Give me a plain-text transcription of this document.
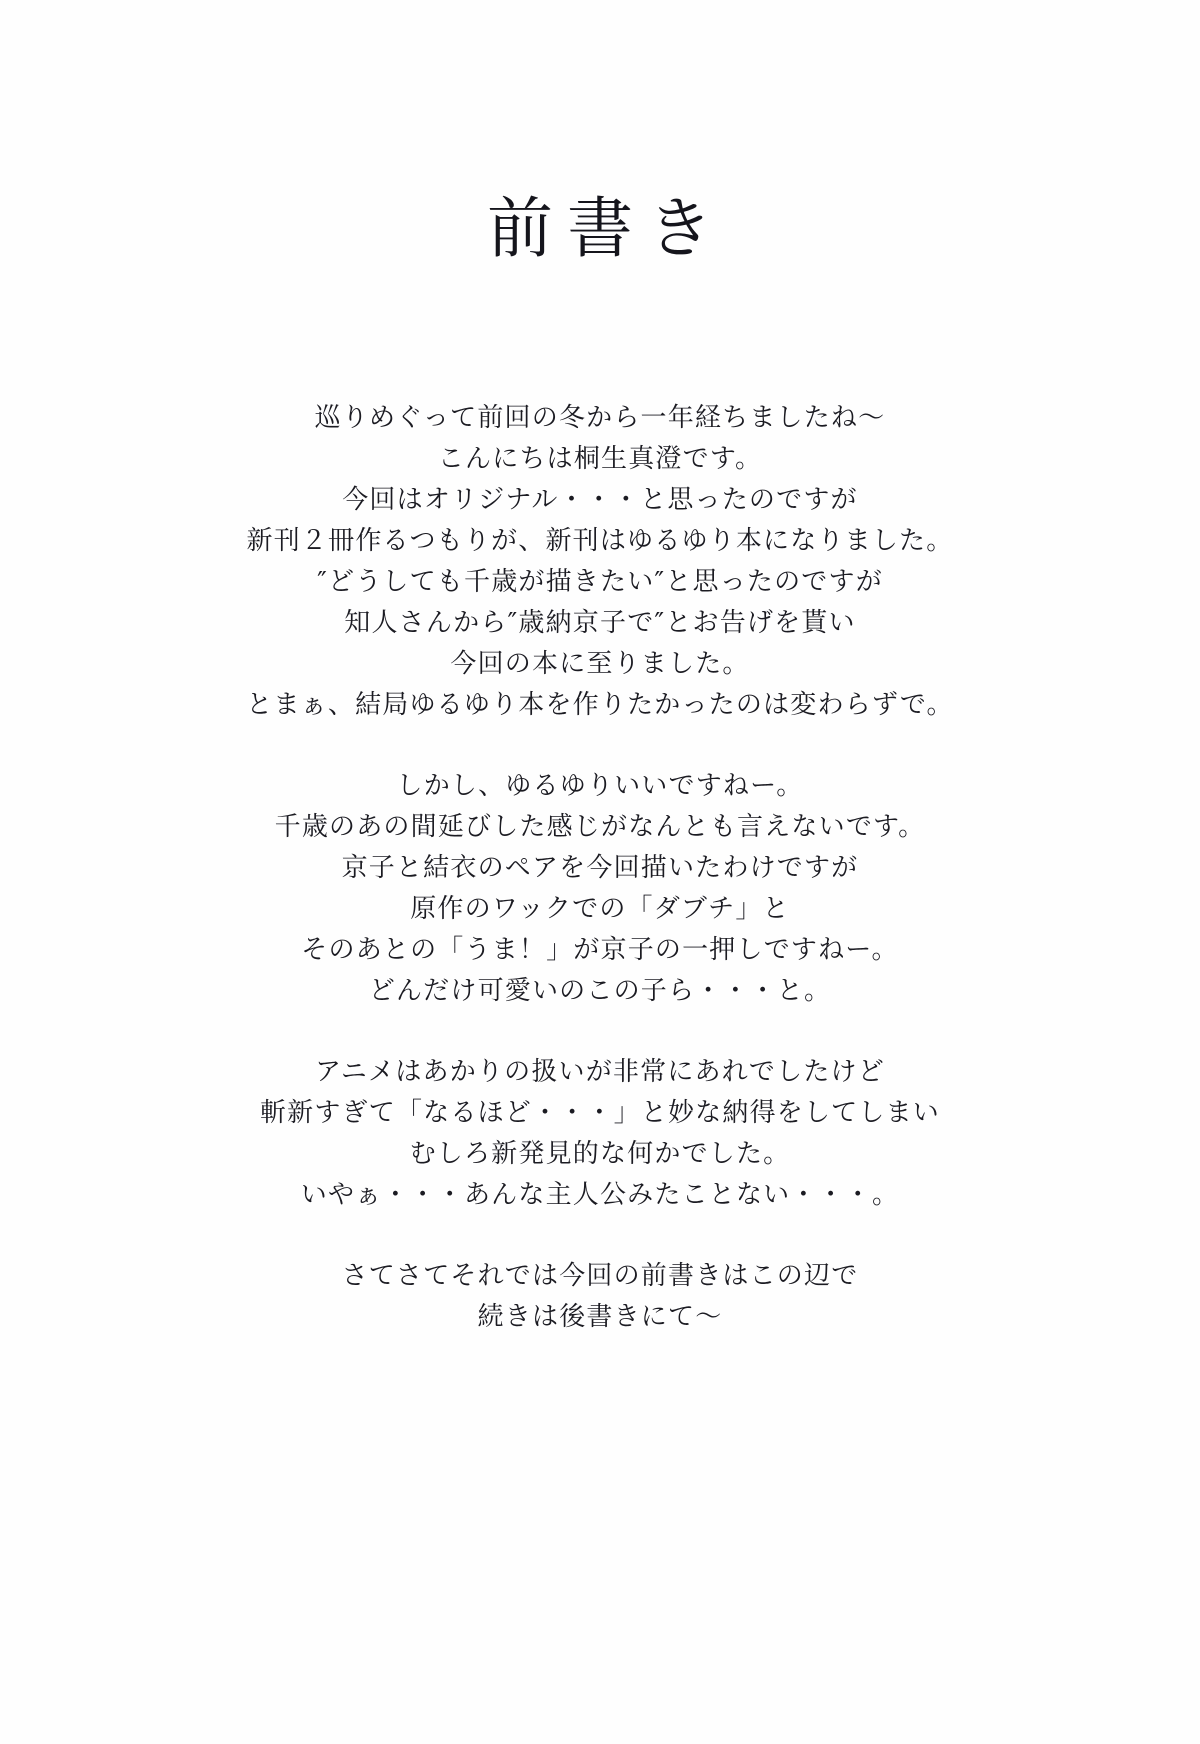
前書き
巡りめぐって前回の冬から一年経ちましたね〜
こんにちは桐生真澄です。
今回はオリジナル・・・と思ったのですが
新刊２冊作るつもりが、新刊はゆるゆり本になりました。
″どうしても千歳が描きたい″と思ったのですが
知人さんから″歳納京子で″とお告げを貰い
今回の本に至りました。
とまぁ、結局ゆるゆり本を作りたかったのは変わらずで。
しかし、ゆるゆりいいですねー。
千歳のあの間延びした感じがなんとも言えないです。
京子と結衣のペアを今回描いたわけですが
原作のワックでの「ダブチ」と
そのあとの「うま！」が京子の一押しですねー。
どんだけ可愛いのこの子ら・・・と。
アニメはあかりの扱いが非常にあれでしたけど
斬新すぎて「なるほど・・・」と妙な納得をしてしまい
むしろ新発見的な何かでした。
いやぁ・・・あんな主人公みたことない・・・。
さてさてそれでは今回の前書きはこの辺で
続きは後書きにて〜
